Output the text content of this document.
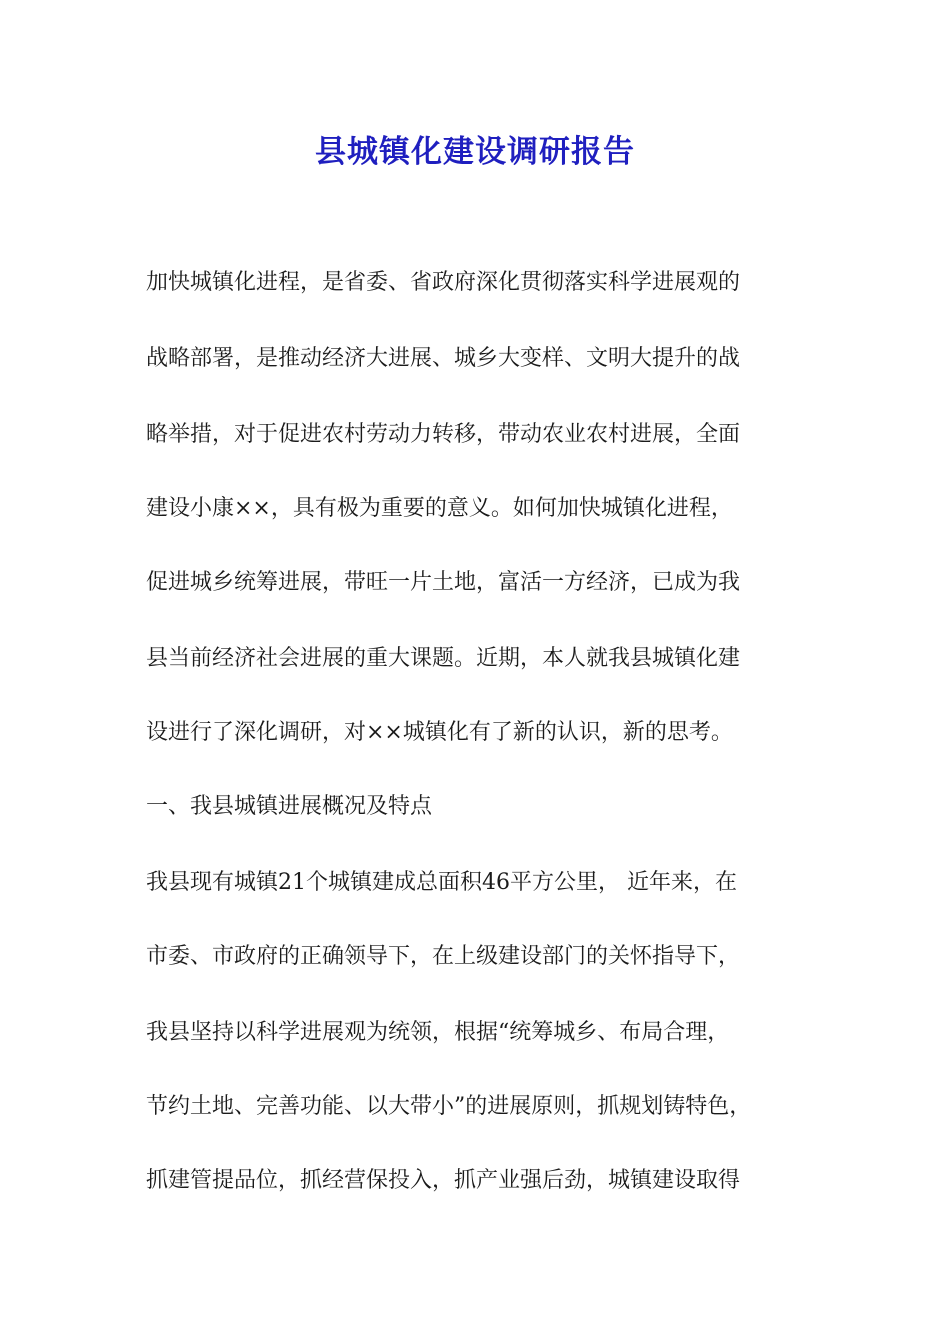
县城镇化建设调研报告
加快城镇化进程，是省委、省政府深化贯彻落实科学进展观的
战略部署，是推动经济大进展、城乡大变样、文明大提升的战
略举措，对于促进农村劳动力转移，带动农业农村进展，全面
建设小康××，具有极为重要的意义。如何加快城镇化进程，
促进城乡统筹进展，带旺一片土地，富活一方经济，已成为我
县当前经济社会进展的重大课题。近期，本人就我县城镇化建
设进行了深化调研，对××城镇化有了新的认识，新的思考。
一、我县城镇进展概况及特点
我县现有城镇21个城镇建成总面积46平方公里， 近年来，在
市委、市政府的正确领导下，在上级建设部门的关怀指导下，
我县坚持以科学进展观为统领，根据“统筹城乡、布局合理，
节约土地、完善功能、以大带小”的进展原则，抓规划铸特色，
抓建管提品位，抓经营保投入，抓产业强后劲，城镇建设取得
